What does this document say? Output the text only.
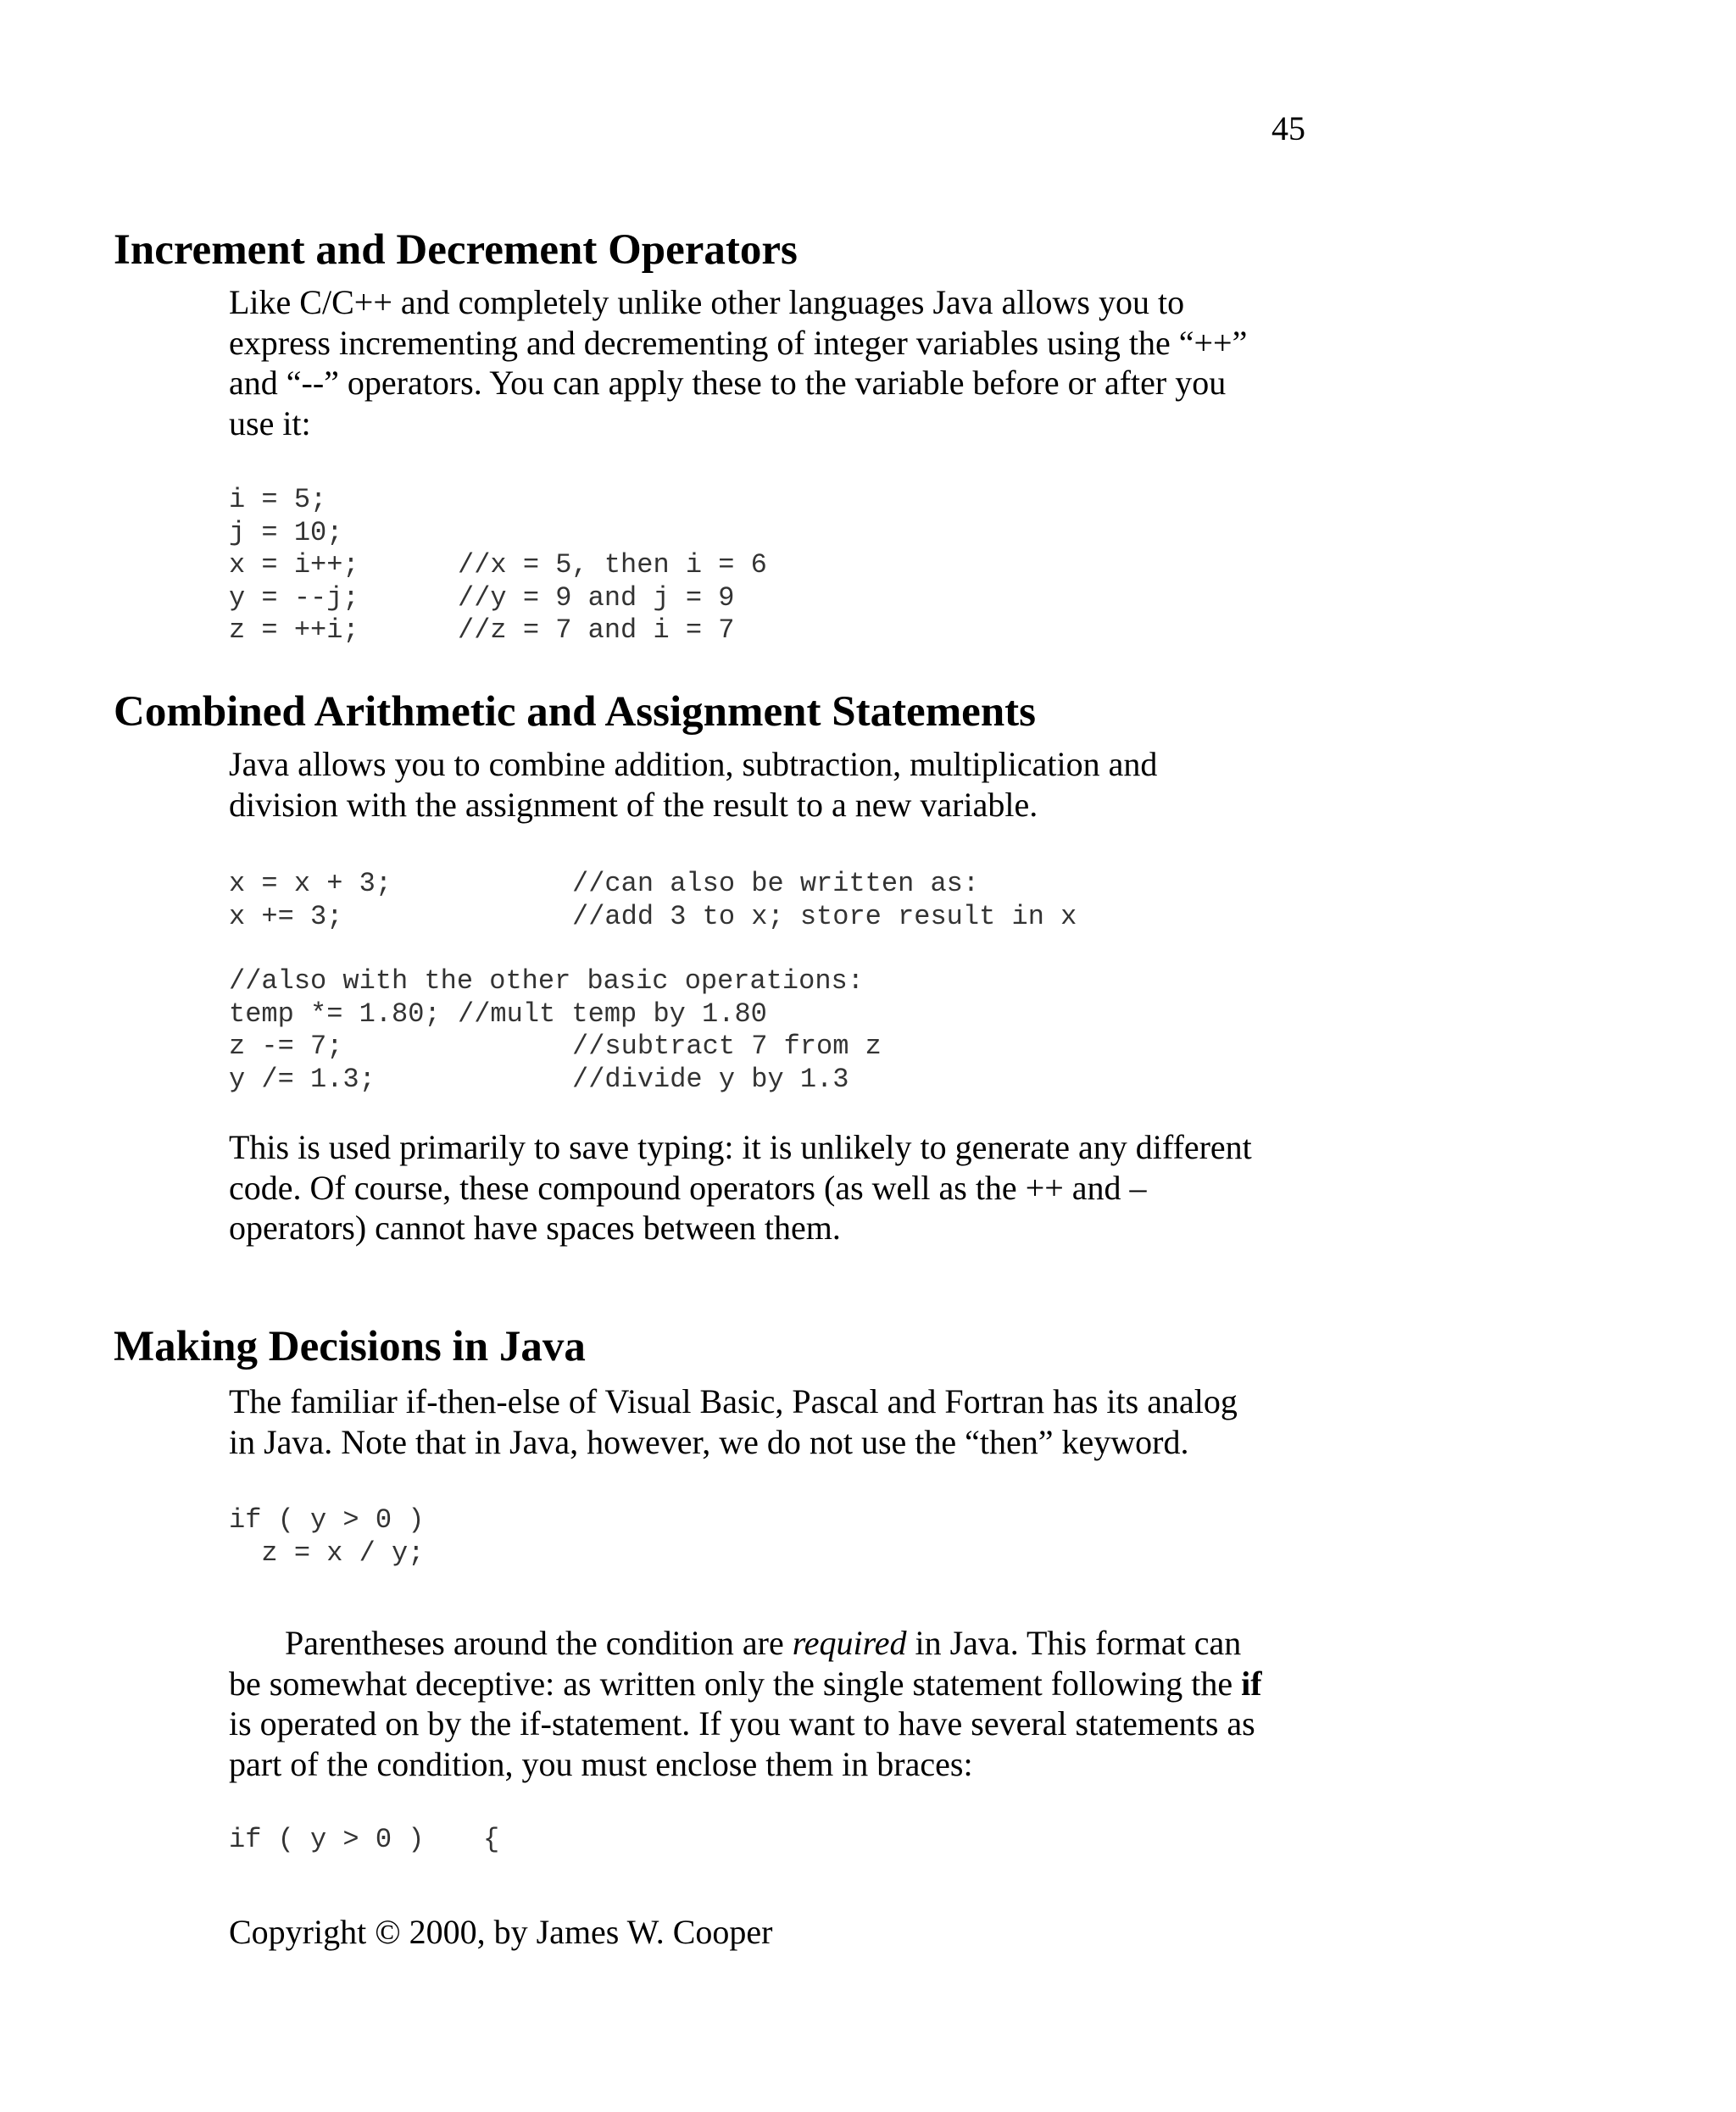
45
Increment and Decrement Operators
Like C/C++ and completely unlike other languages Java allows you to
express incrementing and decrementing of integer variables using the “++”
and “--” operators. You can apply these to the variable before or after you
use it:
i = 5;
j = 10;
x = i++;	//x = 5, then i = 6
y = --j;	//y = 9 and j = 9
z = ++i;	//z = 7 and i = 7
Combined Arithmetic and Assignment Statements
Java allows you to combine addition, subtraction, multiplication and
division with the assignment of the result to a new variable.
x = x + 3;	//can also be written as:
x += 3;	//add 3 to x; store result in x
//also with the other basic operations:
temp *= 1.80; //mult temp by 1.80
z -= 7;	//subtract 7 from z
y /= 1.3;	//divide y by 1.3
This is used primarily to save typing: it is unlikely to generate any different
code. Of course, these compound operators (as well as the ++ and –
operators) cannot have spaces between them.
Making Decisions in Java
The familiar if-then-else of Visual Basic, Pascal and Fortran has its analog
in Java. Note that in Java, however, we do not use the “then” keyword.
if ( y > 0 )
z = x / y;
Parentheses around the condition are required in Java. This format can
be somewhat deceptive: as written only the single statement following the if
is operated on by the if-statement. If you want to have several statements as
part of the condition, you must enclose them in braces:
if ( y > 0 ) {
Copyright © 2000, by James W. Cooper
